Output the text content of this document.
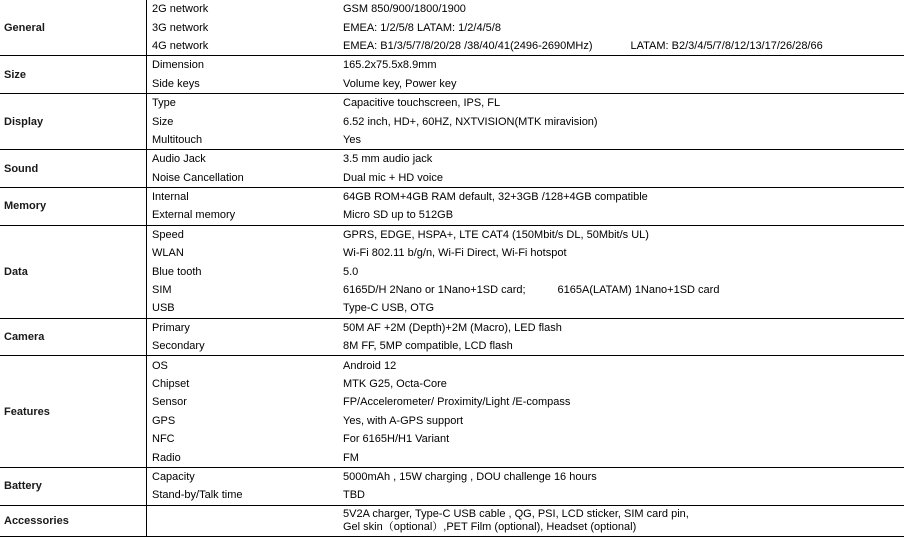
General	2G network	GSM 850/900/1800/1900
	3G network	EMEA: 1/2/5/8 LATAM: 1/2/4/5/8
	4G network	EMEA: B1/3/5/7/8/20/28 /38/40/41(2496-2690MHz) LATAM: B2/3/4/5/7/8/12/13/17/26/28/66
Size	Dimension	165.2x75.5x8.9mm
	Side keys	Volume key, Power key
Display	Type	Capacitive touchscreen, IPS, FL
	Size	6.52 inch, HD+, 60HZ, NXTVISION(MTK miravision)
	Multitouch	Yes
Sound	Audio Jack	3.5 mm audio jack
	Noise Cancellation	Dual mic + HD voice
Memory	Internal	64GB ROM+4GB RAM default, 32+3GB /128+4GB compatible
	External memory	Micro SD up to 512GB
Data	Speed	GPRS, EDGE, HSPA+, LTE CAT4 (150Mbit/s DL, 50Mbit/s UL)
	WLAN	Wi-Fi 802.11 b/g/n, Wi-Fi Direct, Wi-Fi hotspot
	Blue tooth	5.0
	SIM	6165D/H 2Nano or 1Nano+1SD card; 6165A(LATAM) 1Nano+1SD card
	USB	Type-C USB, OTG
Camera	Primary	50M AF +2M (Depth)+2M (Macro), LED flash
	Secondary	8M FF, 5MP compatible, LCD flash
Features	OS	Android 12
	Chipset	MTK G25, Octa-Core
	Sensor	FP/Accelerometer/ Proximity/Light /E-compass
	GPS	Yes, with A-GPS support
	NFC	For 6165H/H1 Variant
	Radio	FM
Battery	Capacity	5000mAh , 15W charging , DOU challenge 16 hours
	Stand-by/Talk time	TBD
Accessories		5V2A charger, Type-C USB cable , QG, PSI, LCD sticker, SIM card pin,
Gel skin（optional）,PET Film (optional), Headset (optional)
